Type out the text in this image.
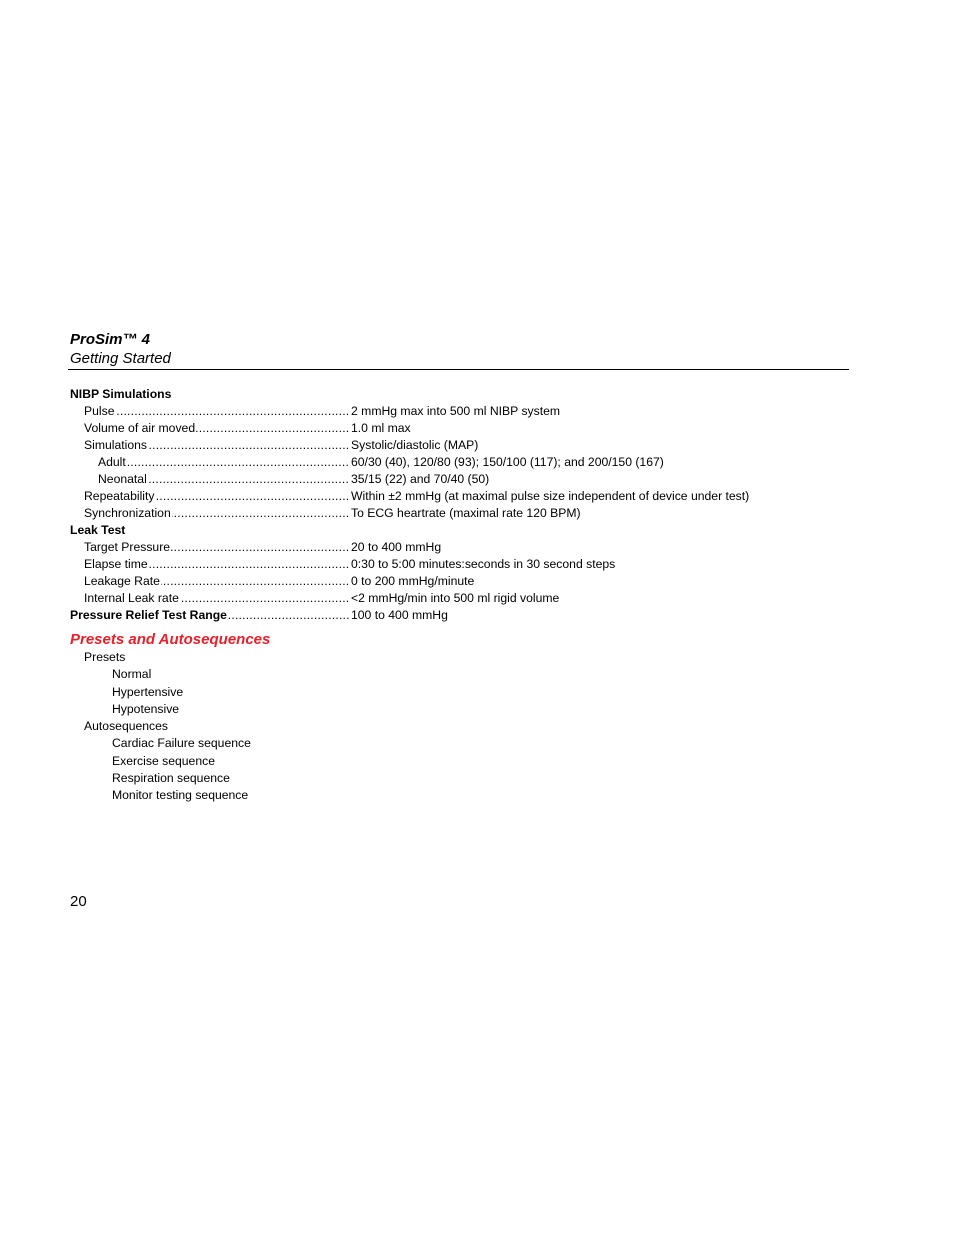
ProSim™ 4
Getting Started
NIBP Simulations
Pulse .....	2 mmHg max into 500 ml NIBP system
Volume of air moved .....	1.0 ml max
Simulations .....	Systolic/diastolic (MAP)
Adult .....	60/30 (40), 120/80 (93); 150/100 (117); and 200/150 (167)
Neonatal .....	35/15 (22) and 70/40 (50)
Repeatability .....	Within ±2 mmHg (at maximal pulse size independent of device under test)
Synchronization .....	To ECG heartrate (maximal rate 120 BPM)
Leak Test
Target Pressure .....	20 to 400 mmHg
Elapse time .....	0:30 to 5:00 minutes:seconds in 30 second steps
Leakage Rate .....	0 to 200 mmHg/minute
Internal Leak rate .....	<2 mmHg/min into 500 ml rigid volume
Pressure Relief Test Range .....	100 to 400 mmHg
Presets and Autosequences
Presets
Normal
Hypertensive
Hypotensive
Autosequences
Cardiac Failure sequence
Exercise sequence
Respiration sequence
Monitor testing sequence
20
